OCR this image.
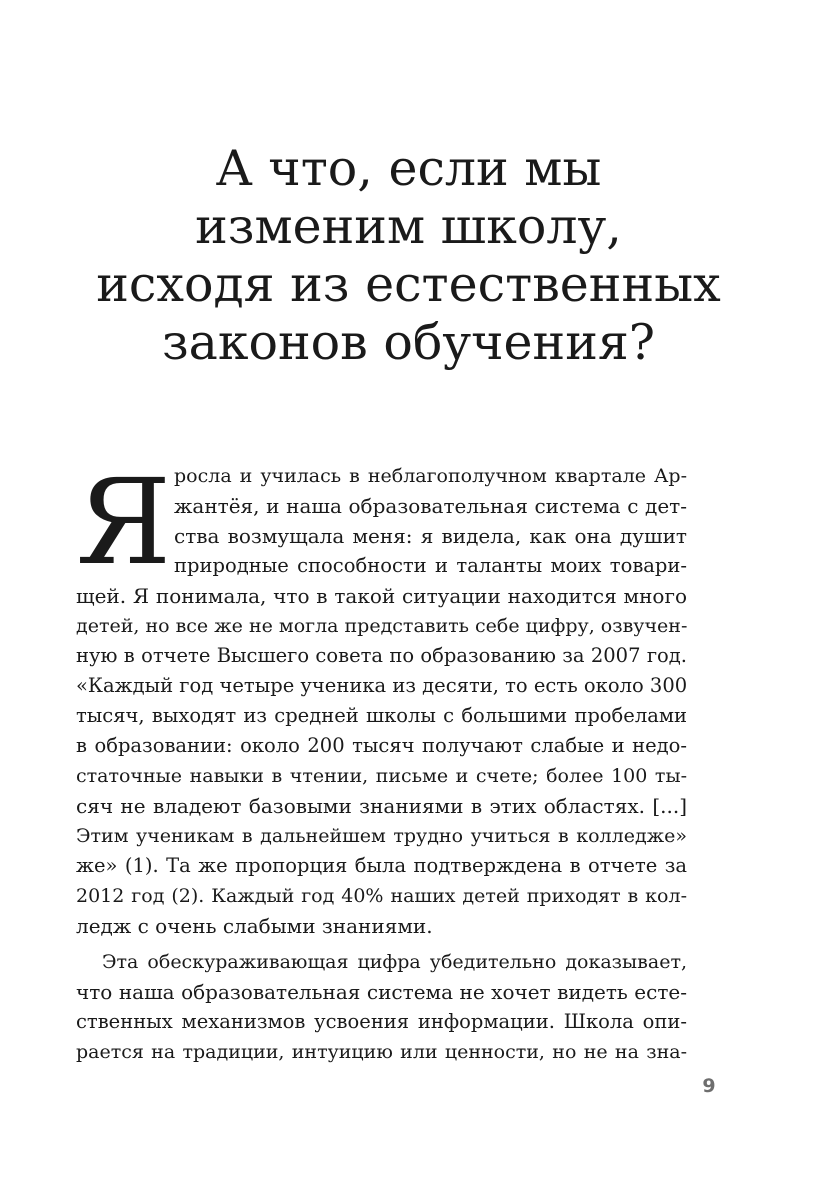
А что, если мы
изменим школу,
исходя из естественных
законов обучения?
Я росла и училась в неблагополучном квартале Ар-
жантёя, и наша образовательная система с дет-
ства возмущала меня: я видела, как она душит
природные способности и таланты моих товари-
щей. Я понимала, что в такой ситуации находится много
детей, но все же не могла представить себе цифру, озвучен-
ную в отчете Высшего совета по образованию за 2007 год.
«Каждый год четыре ученика из десяти, то есть около 300
тысяч, выходят из средней школы с большими пробелами
в образовании: около 200 тысяч получают слабые и недо-
статочные навыки в чтении, письме и счете; более 100 ты-
сяч не владеют базовыми знаниями в этих областях. [...]
Этим ученикам в дальнейшем трудно учиться в колледже»
же» (1). Та же пропорция была подтверждена в отчете за
2012 год (2). Каждый год 40% наших детей приходят в кол-
ледж с очень слабыми знаниями.
Эта обескураживающая цифра убедительно доказывает,
что наша образовательная система не хочет видеть есте-
ственных механизмов усвоения информации. Школа опи-
рается на традиции, интуицию или ценности, но не на зна-
9
